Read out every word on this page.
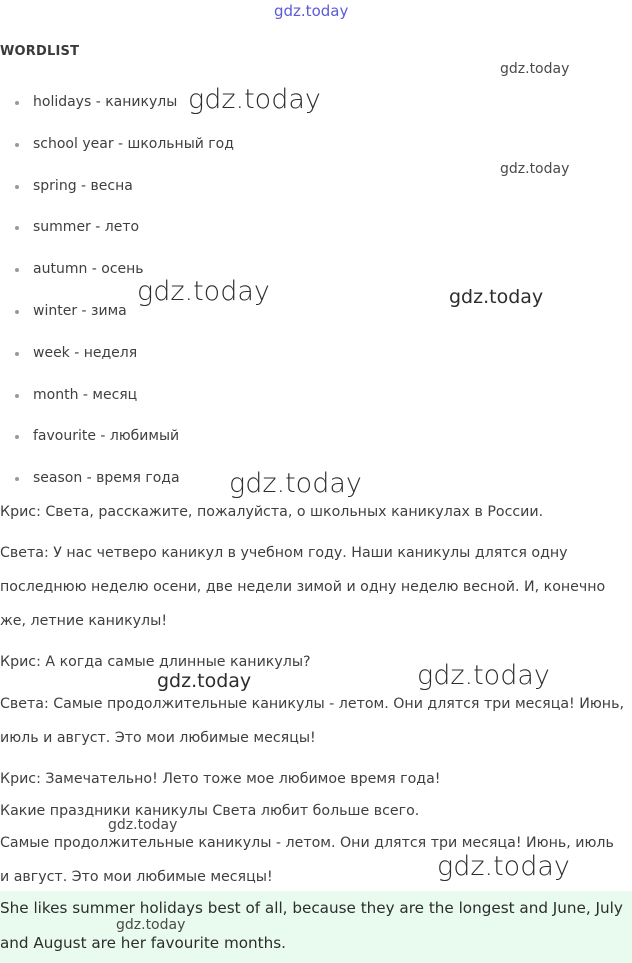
gdz.today
WORDLIST
holidays - каникулы
school year - школьный год
spring - весна
summer - лето
autumn - осень
winter - зима
week - неделя
month - месяц
favourite - любимый
season - время года

Крис: Света, расскажите, пожалуйста, о школьных каникулах в России.

Света: У нас четверо каникул в учебном году. Наши каникулы длятся одну последнюю неделю осени, две недели зимой и одну неделю весной. И, конечно же, летние каникулы!

Крис: А когда самые длинные каникулы?

Света: Самые продолжительные каникулы - летом. Они длятся три месяца! Июнь, июль и август. Это мои любимые месяцы!

Крис: Замечательно! Лето тоже мое любимое время года!

Какие праздники каникулы Света любит больше всего.

Самые продолжительные каникулы - летом. Они длятся три месяца! Июнь, июль и август. Это мои любимые месяцы!

She likes summer holidays best of all, because they are the longest and June, July and August are her favourite months.

gdz.today
gdz.today
gdz.today
gdz.today	gdz.today
gdz.today
gdz.today
gdz.today
gdz.today
gdz.today
gdz.today
